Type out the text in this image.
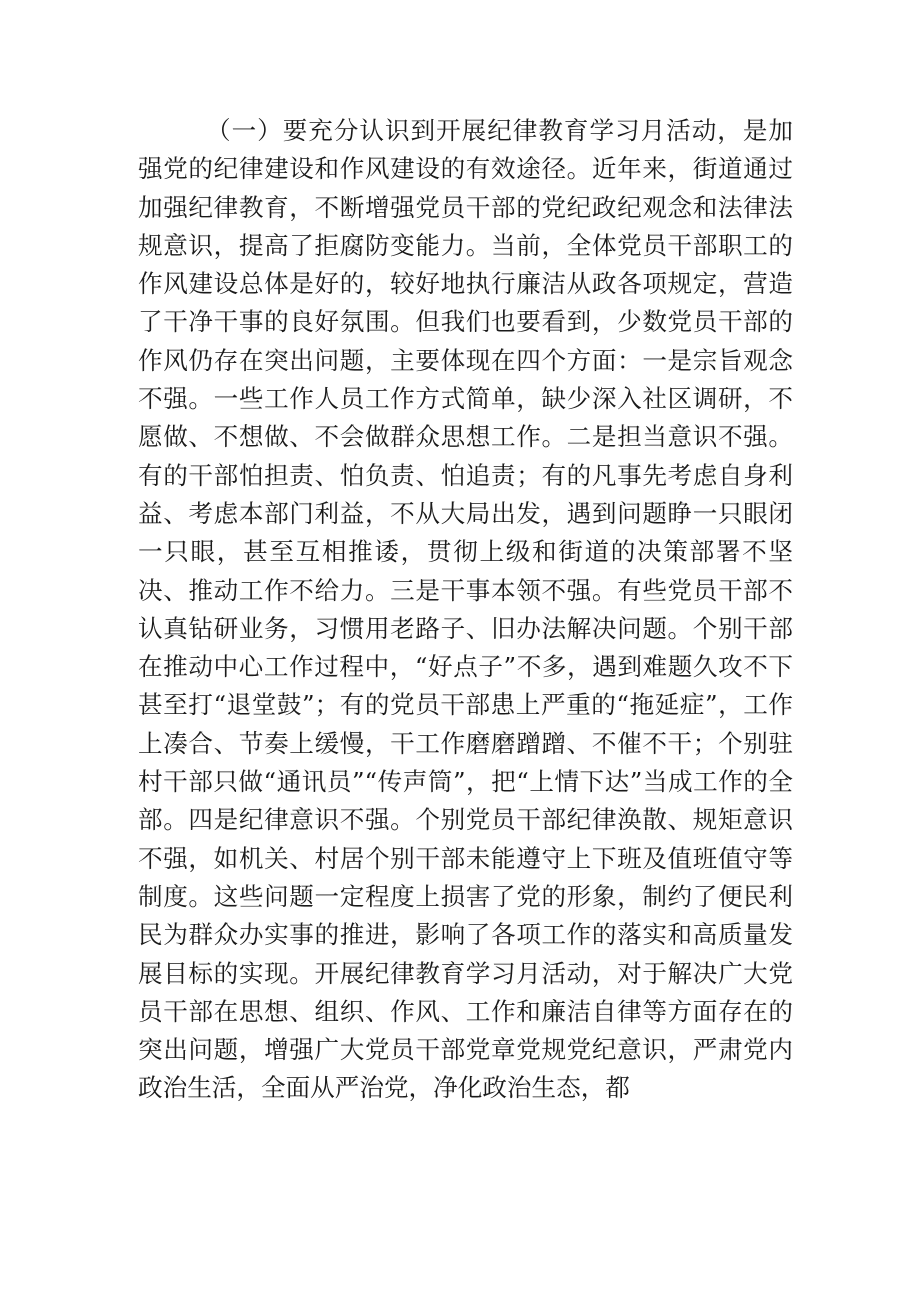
（一）要充分认识到开展纪律教育学习月活动，是加强党的纪律建设和作风建设的有效途径。近年来，街道通过加强纪律教育，不断增强党员干部的党纪政纪观念和法律法规意识，提高了拒腐防变能力。当前，全体党员干部职工的作风建设总体是好的，较好地执行廉洁从政各项规定，营造了干净干事的良好氛围。但我们也要看到，少数党员干部的作风仍存在突出问题，主要体现在四个方面：一是宗旨观念不强。一些工作人员工作方式简单，缺少深入社区调研，不愿做、不想做、不会做群众思想工作。二是担当意识不强。有的干部怕担责、怕负责、怕追责；有的凡事先考虑自身利益、考虑本部门利益，不从大局出发，遇到问题睁一只眼闭一只眼，甚至互相推诿，贯彻上级和街道的决策部署不坚决、推动工作不给力。三是干事本领不强。有些党员干部不认真钻研业务，习惯用老路子、旧办法解决问题。个别干部在推动中心工作过程中，“好点子”不多，遇到难题久攻不下甚至打“退堂鼓”；有的党员干部患上严重的“拖延症”，工作上凑合、节奏上缓慢，干工作磨磨蹭蹭、不催不干；个别驻村干部只做“通讯员”“传声筒”，把“上情下达”当成工作的全部。四是纪律意识不强。个别党员干部纪律涣散、规矩意识不强，如机关、村居个别干部未能遵守上下班及值班值守等制度。这些问题一定程度上损害了党的形象，制约了便民利民为群众办实事的推进，影响了各项工作的落实和高质量发展目标的实现。开展纪律教育学习月活动，对于解决广大党员干部在思想、组织、作风、工作和廉洁自律等方面存在的突出问题，增强广大党员干部党章党规党纪意识，严肃党内政治生活，全面从严治党，净化政治生态，都
